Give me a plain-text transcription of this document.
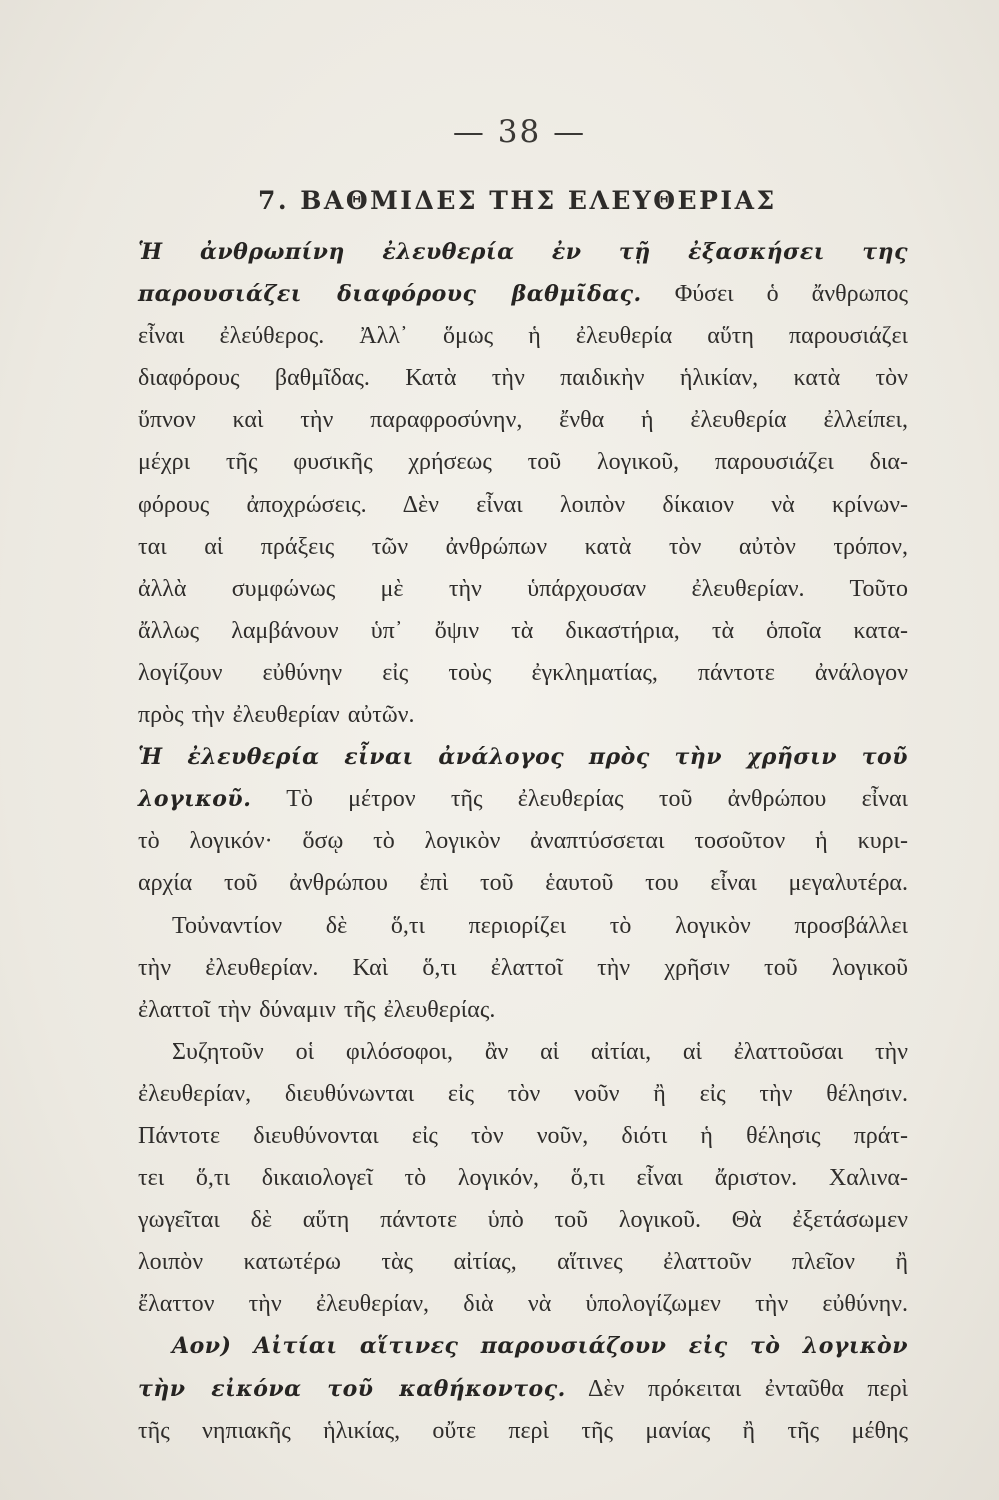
— 38 —
7. ΒΑΘΜΙΔΕΣ ΤΗΣ ΕΛΕΥΘΕΡΙΑΣ
Ἡ ἀνθρωπίνη ἐλευθερία ἐν τῇ ἐξασκήσει της
παρουσιάζει διαφόρους βαθμῖδας. Φύσει ὁ ἄνθρωπος
εἶναι ἐλεύθερος. Ἀλλ᾽ ὅμως ἡ ἐλευθερία αὕτη παρουσιάζει
διαφόρους βαθμῖδας. Κατὰ τὴν παιδικὴν ἡλικίαν, κατὰ τὸν
ὕπνον καὶ τὴν παραφροσύνην, ἔνθα ἡ ἐλευθερία ἐλλείπει,
μέχρι τῆς φυσικῆς χρήσεως τοῦ λογικοῦ, παρουσιάζει δια-
φόρους ἀποχρώσεις. Δὲν εἶναι λοιπὸν δίκαιον νὰ κρίνων-
ται αἱ πράξεις τῶν ἀνθρώπων κατὰ τὸν αὐτὸν τρόπον,
ἀλλὰ συμφώνως μὲ τὴν ὑπάρχουσαν ἐλευθερίαν. Τοῦτο
ἄλλως λαμβάνουν ὑπ᾽ ὄψιν τὰ δικαστήρια, τὰ ὁποῖα κατα-
λογίζουν εὐθύνην εἰς τοὺς ἐγκληματίας, πάντοτε ἀνάλογον
πρὸς τὴν ἐλευθερίαν αὐτῶν.
Ἡ ἐλευθερία εἶναι ἀνάλογος πρὸς τὴν χρῆσιν τοῦ
λογικοῦ. Τὸ μέτρον τῆς ἐλευθερίας τοῦ ἀνθρώπου εἶναι
τὸ λογικόν· ὅσῳ τὸ λογικὸν ἀναπτύσσεται τοσοῦτον ἡ κυρι-
αρχία τοῦ ἀνθρώπου ἐπὶ τοῦ ἑαυτοῦ του εἶναι μεγαλυτέρα.
Τοὐναντίον δὲ ὅ,τι περιορίζει τὸ λογικὸν προσβάλλει
τὴν ἐλευθερίαν. Καὶ ὅ,τι ἐλαττοῖ τὴν χρῆσιν τοῦ λογικοῦ
ἐλαττοῖ τὴν δύναμιν τῆς ἐλευθερίας.
Συζητοῦν οἱ φιλόσοφοι, ἂν αἱ αἰτίαι, αἱ ἐλαττοῦσαι τὴν
ἐλευθερίαν, διευθύνωνται εἰς τὸν νοῦν ἢ εἰς τὴν θέλησιν.
Πάντοτε διευθύνονται εἰς τὸν νοῦν, διότι ἡ θέλησις πράτ-
τει ὅ,τι δικαιολογεῖ τὸ λογικόν, ὅ,τι εἶναι ἄριστον. Χαλινα-
γωγεῖται δὲ αὕτη πάντοτε ὑπὸ τοῦ λογικοῦ. Θὰ ἐξετάσωμεν
λοιπὸν κατωτέρω τὰς αἰτίας, αἵτινες ἐλαττοῦν πλεῖον ἢ
ἔλαττον τὴν ἐλευθερίαν, διὰ νὰ ὑπολογίζωμεν τὴν εὐθύνην.
Αον) Αἰτίαι αἵτινες παρουσιάζουν εἰς τὸ λογικὸν
τὴν εἰκόνα τοῦ καθήκοντος. Δὲν πρόκειται ἐνταῦθα περὶ
τῆς νηπιακῆς ἡλικίας, οὔτε περὶ τῆς μανίας ἢ τῆς μέθης
